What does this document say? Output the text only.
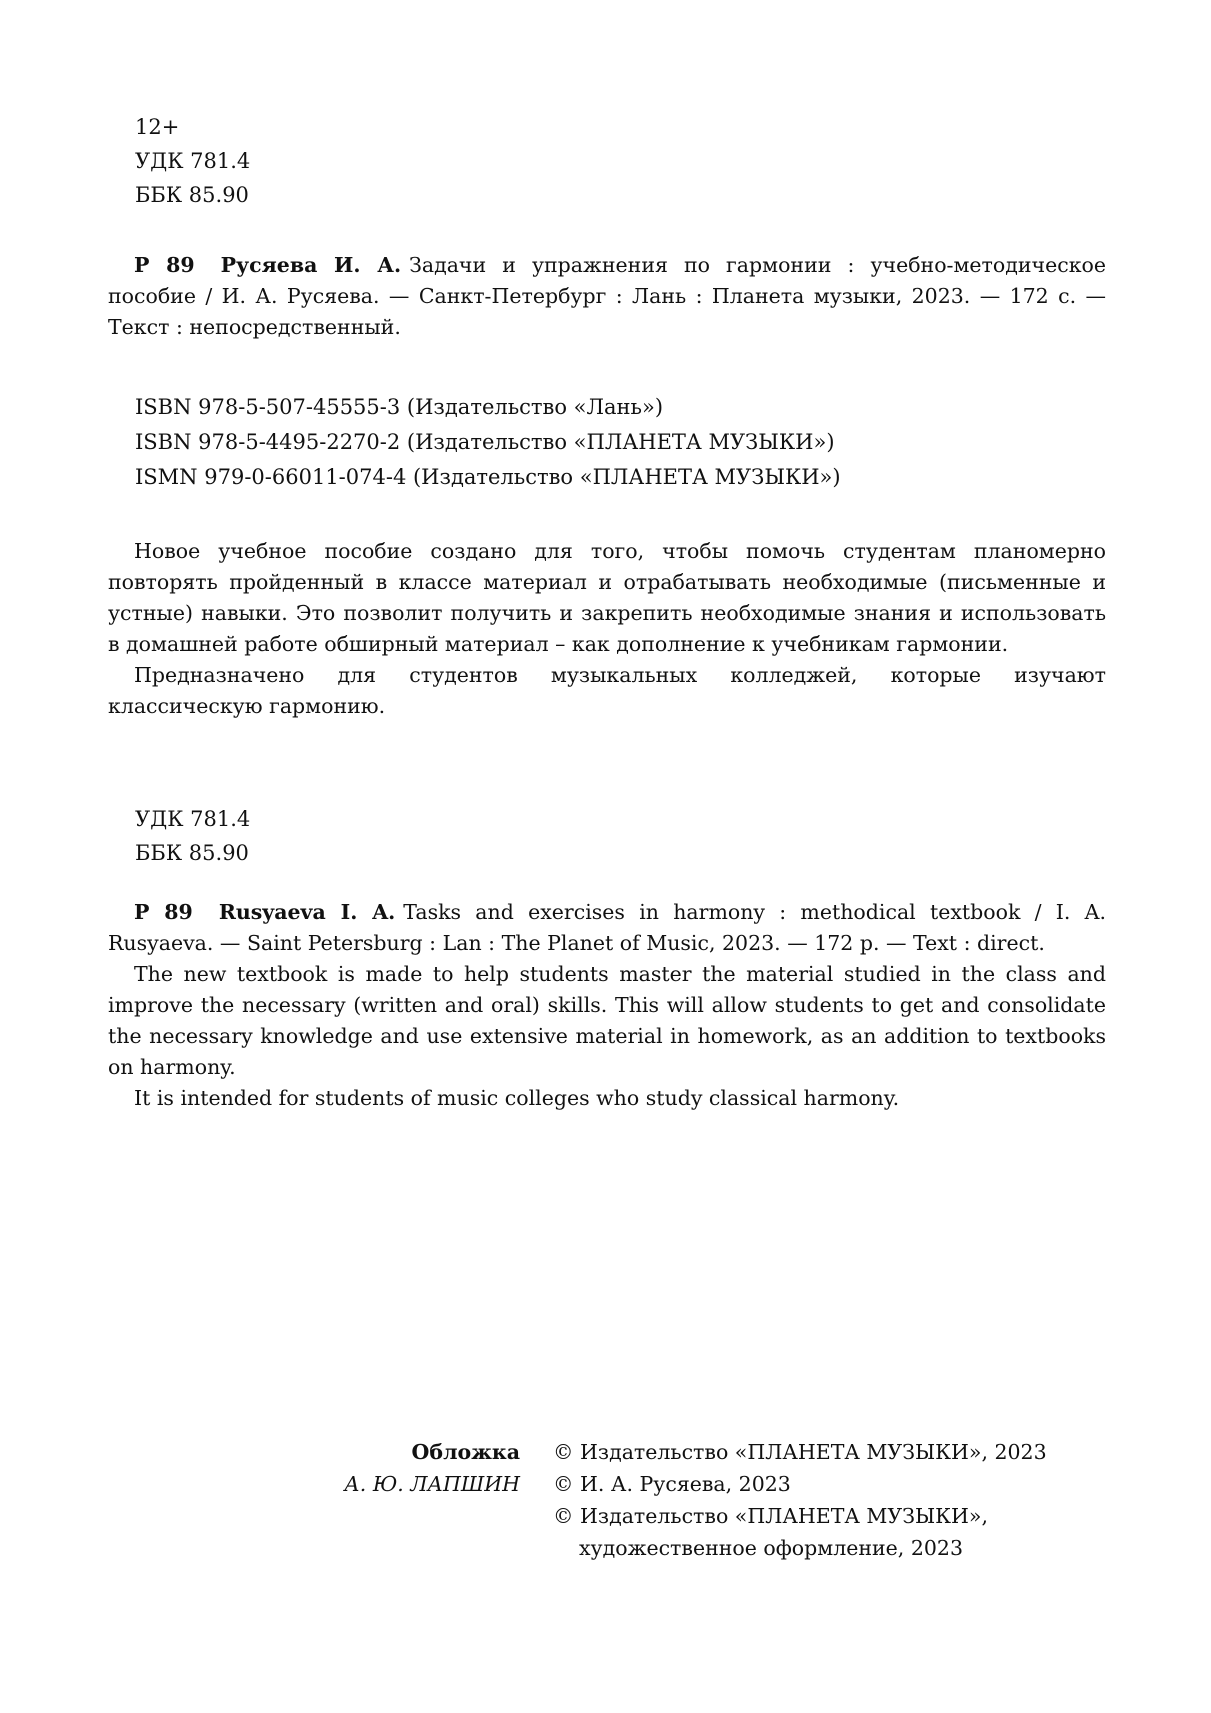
12+
УДК 781.4
ББК 85.90

Р 89 Русяева И. А. Задачи и упражнения по гармонии : учебно-методическое пособие / И. А. Русяева. — Санкт-Петербург : Лань : Планета музыки, 2023. — 172 с. — Текст : непосредственный.

ISBN 978-5-507-45555-3 (Издательство «Лань»)
ISBN 978-5-4495-2270-2 (Издательство «ПЛАНЕТА МУЗЫКИ»)
ISMN 979-0-66011-074-4 (Издательство «ПЛАНЕТА МУЗЫКИ»)

Новое учебное пособие создано для того, чтобы помочь студентам планомерно повторять пройденный в классе материал и отрабатывать необходимые (письменные и устные) навыки. Это позволит получить и закрепить необходимые знания и использовать в домашней работе обширный материал – как дополнение к учебникам гармонии.

Предназначено для студентов музыкальных колледжей, которые изучают классическую гармонию.

УДК 781.4
ББК 85.90

Р 89 Rusyaeva I. A. Tasks and exercises in harmony : methodical textbook / I. A. Rusyaeva. — Saint Petersburg : Lan : The Planet of Music, 2023. — 172 p. — Text : direct.

The new textbook is made to help students master the material studied in the class and improve the necessary (written and oral) skills. This will allow students to get and consolidate the necessary knowledge and use extensive material in homework, as an addition to textbooks on harmony.

It is intended for students of music colleges who study classical harmony.

Обложка
А. Ю. ЛАПШИН
© Издательство «ПЛАНЕТА МУЗЫКИ», 2023
© И. А. Русяева, 2023
© Издательство «ПЛАНЕТА МУЗЫКИ»,
художественное оформление, 2023
